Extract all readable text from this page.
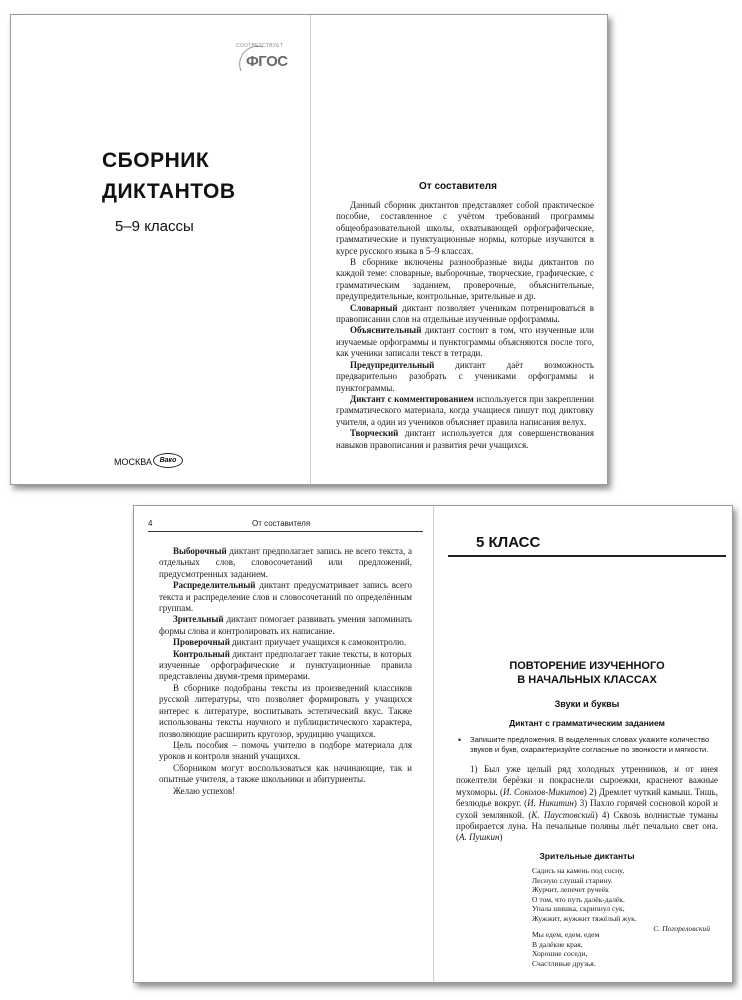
СООТВЕТСТВУЕТ
ФГОС
СБОРНИК
ДИКТАНТОВ
5–9 классы
МОСКВА	Вако
От составителя

Данный сборник диктантов представляет собой практическое пособие, составленное с учётом требований программы общеобразовательной школы, охватывающей орфографические, грамматические и пунктуационные нормы, которые изучаются в курсе русского языка в 5–9 классах.

В сборнике включены разнообразные виды диктантов по каждой теме: словарные, выборочные, творческие, графические, с грамматическим заданием, проверочные, объяснительные, предупредительные, контрольные, зрительные и др.

Словарный диктант позволяет ученикам потренироваться в правописании слов на отдельные изученные орфограммы.

Объяснительный диктант состоит в том, что изученные или изучаемые орфограммы и пунктограммы объясняются после того, как ученики записали текст в тетради.

Предупредительный диктант даёт возможность предварительно разобрать с учениками орфограммы и пунктограммы.

Диктант с комментированием используется при закреплении грамматического материала, когда учащиеся пишут под диктовку учителя, а один из учеников объясняет правила написания велух.

Творческий диктант используется для совершенствования навыков правописания и развития речи учащихся.

4	От составителя

Выборочный диктант предполагает запись не всего текста, а отдельных слов, словосочетаний или предложений, предусмотренных заданием.

Распределительный диктант предусматривает запись всего текста и распределение слов и словосочетаний по определённым группам.

Зрительный диктант помогает развивать умения запоминать формы слова и контролировать их написание.

Проверочный диктант приучает учащихся к самоконтролю.

Контрольный диктант предполагает такие тексты, в которых изученные орфографические и пунктуационные правила представлены двумя-тремя примерами.

В сборнике подобраны тексты из произведений классиков русской литературы, что позволяет формировать у учащихся интерес к литературе, воспитывать эстетический вкус. Также использованы тексты научного и публицистического характера, позволяющие расширить кругозор, эрудицию учащихся.

Цель пособия – помочь учителю в подборе материала для уроков и контроля знаний учащихся.

Сборником могут воспользоваться как начинающие, так и опытные учителя, а также школьники и абитуриенты.

Желаю успехов!

5 КЛАСС
ПОВТОРЕНИЕ ИЗУЧЕННОГО
В НАЧАЛЬНЫХ КЛАССАХ
Звуки и буквы
Диктант с грамматическим заданием
• Запишите предложения. В выделенных словах укажите количество звуков и букв, охарактеризуйте согласные по звонкости и мягкости.

1) Был уже целый ряд холодных утренников, и от инея пожелтели берёзки и покраснели сыроежки, краснеют важные мухоморы. (И. Соколов-Микитов) 2) Дремлет чуткий камыш. Тишь, безлюдье вокруг. (И. Никитин) 3) Пахло горячей сосновой корой и сухой землянкой. (К. Паустовский) 4) Сквозь волнистые туманы пробирается луна. На печальные поляны льёт печально свет она. (А. Пушкин)

Зрительные диктанты
Садись на камень под сосну,
Лесную слушай старину.
Журчит, лепечет ручеёк
О том, что путь далёк-далёк.
Упала шишка, скрипнул сук,
Жужжит, жужжит тяжёлый жук.
С. Погореловский
Мы едем, едем, едем
В далёкие края,
Хорошие соседи,
Счастливые друзья.
